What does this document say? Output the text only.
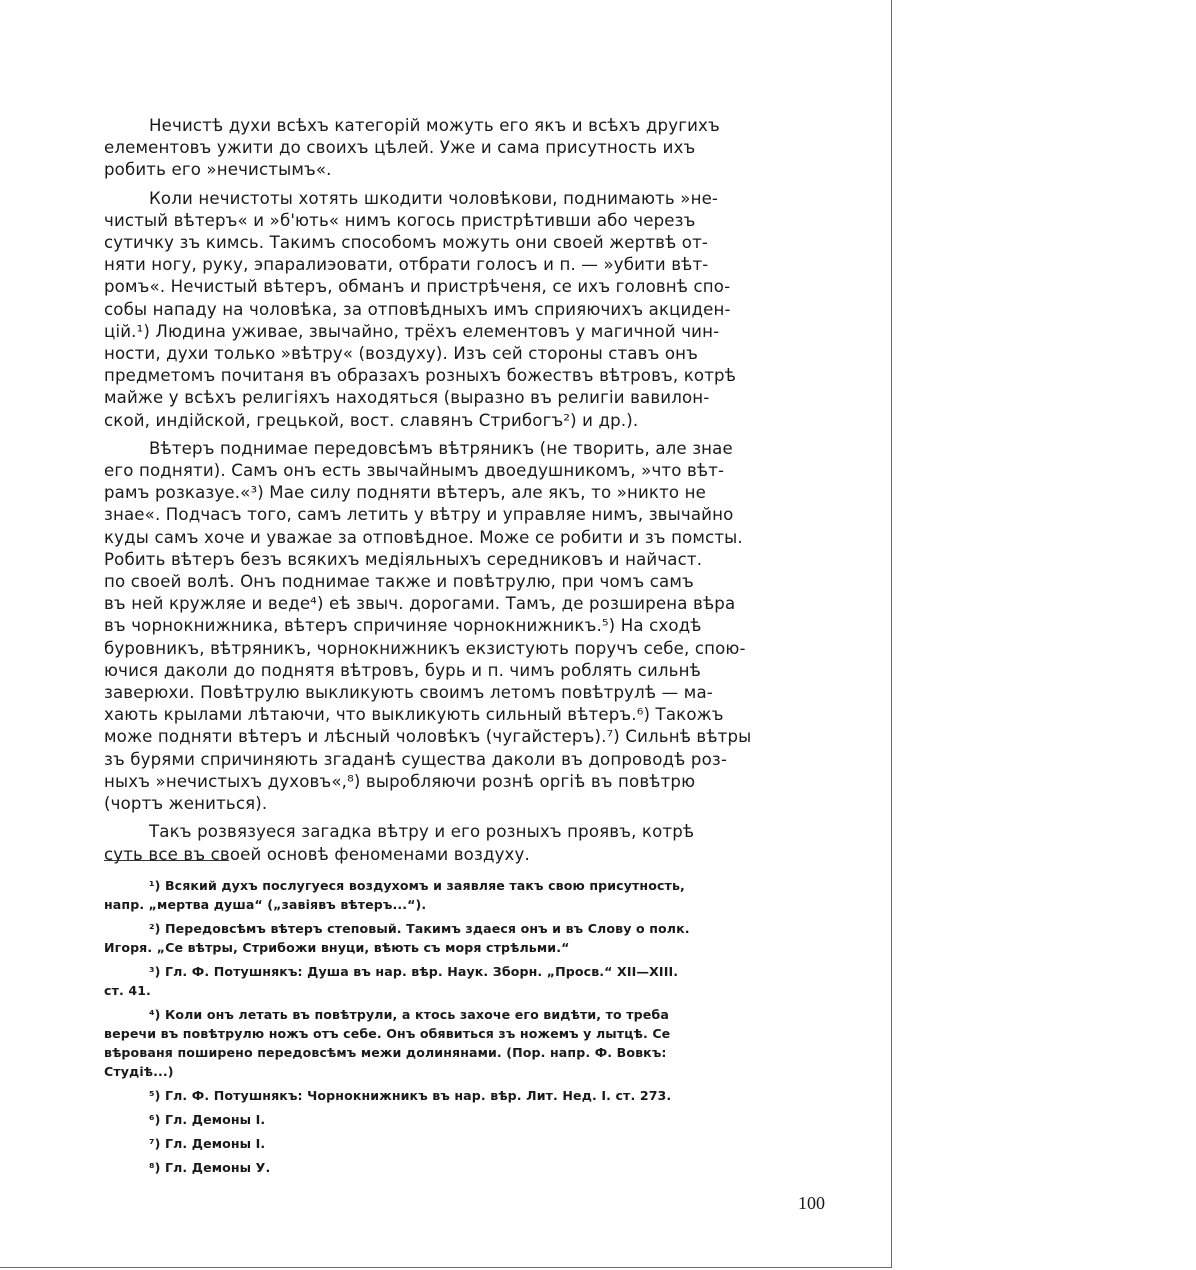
Нечистѣ духи всѣхъ категорій можуть его якъ и всѣхъ другихъ
елементовъ ужити до своихъ цѣлей. Уже и сама присутность ихъ
робить его »нечистымъ«.
Коли нечистоты хотять шкодити чоловѣкови, поднимають »не-
чистый вѣтеръ« и »б'ють« нимъ когось пристрѣтивши або черезъ
сутичку зъ кимсь. Такимъ способомъ можуть они своей жертвѣ от-
няти ногу, руку, эпаралиэовати, отбрати голосъ и п. — »убити вѣт-
ромъ«. Нечистый вѣтеръ, обманъ и пристрѣченя, се ихъ головнѣ спо-
собы нападу на чоловѣка, за отповѣдныхъ имъ сприяючихъ акциден-
цій.¹) Людина уживае, звычайно, трёхъ елементовъ у магичной чин-
ности, духи только »вѣтру« (воздуху). Изъ сей стороны ставъ онъ
предметомъ почитаня въ образахъ розныхъ божествъ вѣтровъ, котрѣ
майже у всѣхъ религіяхъ находяться (выразно въ религіи вавилон-
ской, индійской, грецькой, вост. славянъ Стрибогъ²) и др.).
Вѣтеръ поднимае передовсѣмъ вѣтряникъ (не творить, але знае
его подняти). Самъ онъ есть звычайнымъ двоедушникомъ, »что вѣт-
рамъ розказуе.«³) Мае силу подняти вѣтеръ, але якъ, то »никто не
знае«. Подчасъ того, самъ летить у вѣтру и управляе нимъ, звычайно
куды самъ хоче и уважае за отповѣдное. Може се робити и зъ помсты.
Робить вѣтеръ безъ всякихъ медіяльныхъ середниковъ и найчаст.
по своей волѣ. Онъ поднимае также и повѣтрулю, при чомъ самъ
въ ней кружляе и веде⁴) еѣ звыч. дорогами. Тамъ, де розширена вѣра
въ чорнокнижника, вѣтеръ спричиняе чорнокнижникъ.⁵) На сходѣ
буровникъ, вѣтряникъ, чорнокнижникъ екзистують поручъ себе, спою-
ючися даколи до поднятя вѣтровъ, бурь и п. чимъ роблять сильнѣ
заверюхи. Повѣтрулю выкликують своимъ летомъ повѣтрулѣ — ма-
хають крылами лѣтаючи, что выкликують сильный вѣтеръ.⁶) Такожъ
може подняти вѣтеръ и лѣсный чоловѣкъ (чугайстеръ).⁷) Сильнѣ вѣтры
зъ бурями спричиняють згаданѣ существа даколи въ допроводѣ роз-
ныхъ »нечистыхъ духовъ«,⁸) выробляючи рознѣ оргіѣ въ повѣтрю
(чортъ жениться).
Такъ розвязуеся загадка вѣтру и его розныхъ проявъ, котрѣ
суть все въ своей основѣ феноменами воздуху.
¹) Всякий духъ послугуеся воздухомъ и заявляе такъ свою присутность,
напр. „мертва душа“ („завіявъ вѣтеръ...“).
²) Передовсѣмъ вѣтеръ степовый. Такимъ здаеся онъ и въ Слову о полк.
Игоря. „Се вѣтры, Стрибожи внуци, вѣють съ моря стрѣльми.“
³) Гл. Ф. Потушнякъ: Душа въ нар. вѣр. Наук. Зборн. „Просв.“ XII—XIII.
ст. 41.
⁴) Коли онъ летать въ повѣтрули, а ктось захоче его видѣти, то треба
веречи въ повѣтрулю ножъ отъ себе. Онъ обявиться зъ ножемъ у лытцѣ. Се
вѣрованя поширено передовсѣмъ межи долинянами. (Пор. напр. Ф. Вовкъ:
Студіѣ...)
⁵) Гл. Ф. Потушнякъ: Чорнокнижникъ въ нар. вѣр. Лит. Нед. I. ст. 273.
⁶) Гл. Демоны I.
⁷) Гл. Демоны I.
⁸) Гл. Демоны У.
100
